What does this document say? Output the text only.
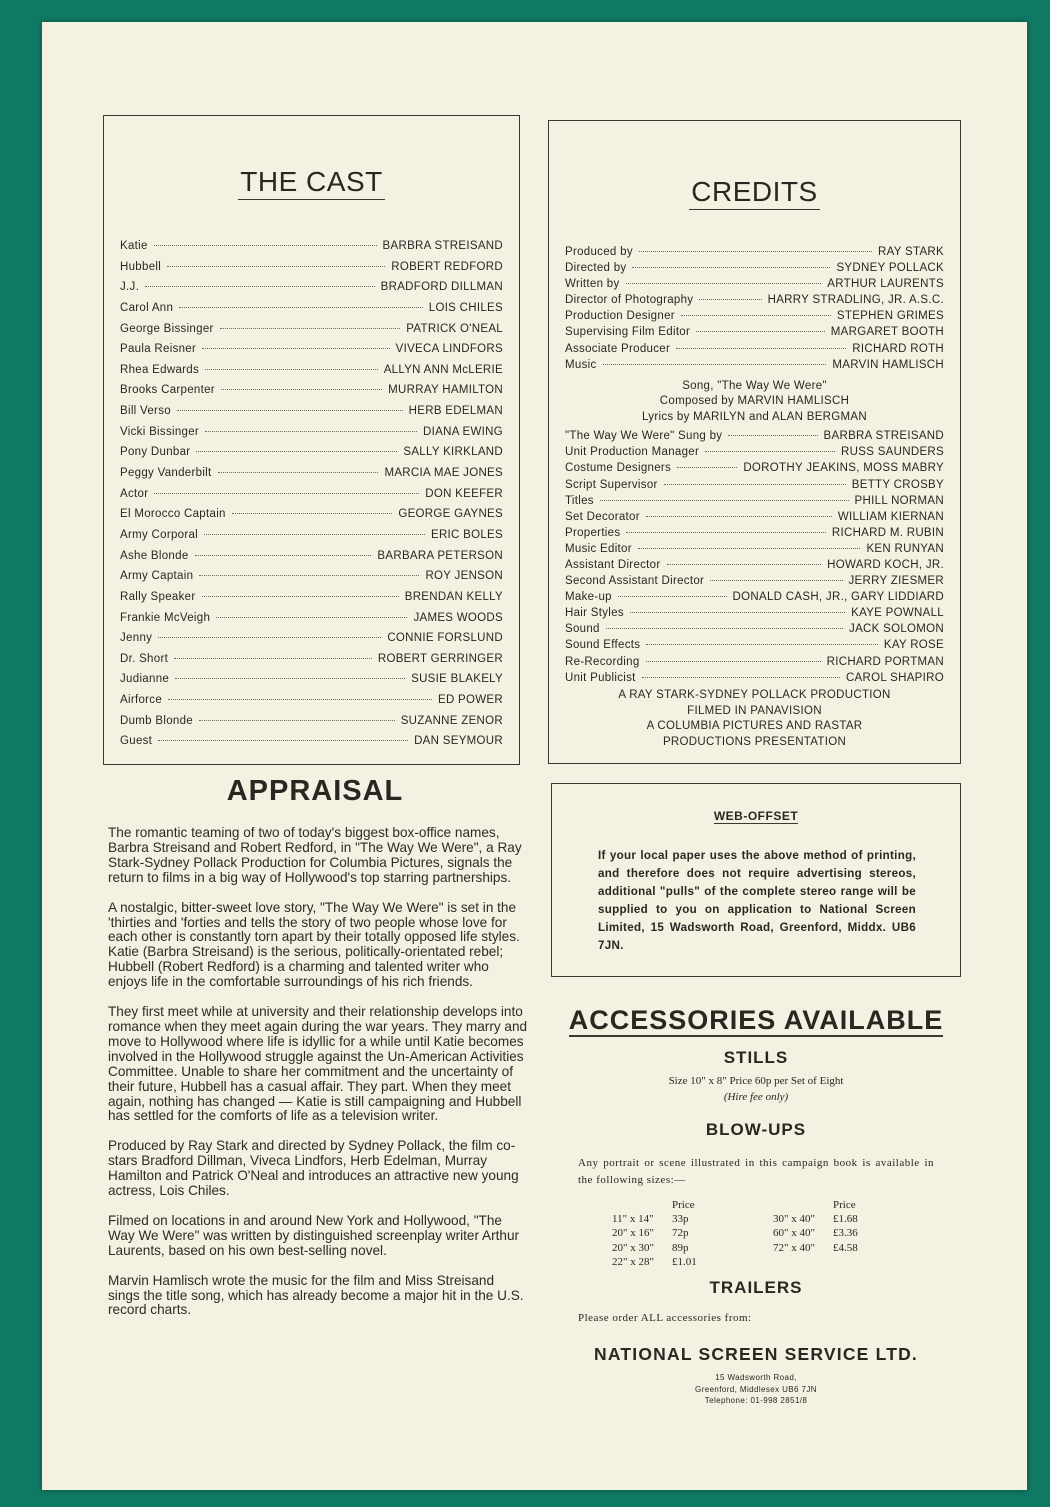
THE CAST
Katie	BARBRA STREISAND
Hubbell	ROBERT REDFORD
J.J.	BRADFORD DILLMAN
Carol Ann	LOIS CHILES
George Bissinger	PATRICK O'NEAL
Paula Reisner	VIVECA LINDFORS
Rhea Edwards	ALLYN ANN McLERIE
Brooks Carpenter	MURRAY HAMILTON
Bill Verso	HERB EDELMAN
Vicki Bissinger	DIANA EWING
Pony Dunbar	SALLY KIRKLAND
Peggy Vanderbilt	MARCIA MAE JONES
Actor	DON KEEFER
El Morocco Captain	GEORGE GAYNES
Army Corporal	ERIC BOLES
Ashe Blonde	BARBARA PETERSON
Army Captain	ROY JENSON
Rally Speaker	BRENDAN KELLY
Frankie McVeigh	JAMES WOODS
Jenny	CONNIE FORSLUND
Dr. Short	ROBERT GERRINGER
Judianne	SUSIE BLAKELY
Airforce	ED POWER
Dumb Blonde	SUZANNE ZENOR
Guest	DAN SEYMOUR
CREDITS
Produced by	RAY STARK
Directed by	SYDNEY POLLACK
Written by	ARTHUR LAURENTS
Director of Photography	HARRY STRADLING, JR. A.S.C.
Production Designer	STEPHEN GRIMES
Supervising Film Editor	MARGARET BOOTH
Associate Producer	RICHARD ROTH
Music	MARVIN HAMLISCH
Song, "The Way We Were"
Composed by MARVIN HAMLISCH
Lyrics by MARILYN and ALAN BERGMAN
"The Way We Were" Sung by	BARBRA STREISAND
Unit Production Manager	RUSS SAUNDERS
Costume Designers	DOROTHY JEAKINS, MOSS MABRY
Script Supervisor	BETTY CROSBY
Titles	PHILL NORMAN
Set Decorator	WILLIAM KIERNAN
Properties	RICHARD M. RUBIN
Music Editor	KEN RUNYAN
Assistant Director	HOWARD KOCH, JR.
Second Assistant Director	JERRY ZIESMER
Make-up	DONALD CASH, JR., GARY LIDDIARD
Hair Styles	KAYE POWNALL
Sound	JACK SOLOMON
Sound Effects	KAY ROSE
Re-Recording	RICHARD PORTMAN
Unit Publicist	CAROL SHAPIRO
A RAY STARK-SYDNEY POLLACK PRODUCTION
FILMED IN PANAVISION
A COLUMBIA PICTURES AND RASTAR
PRODUCTIONS PRESENTATION
APPRAISAL

The romantic teaming of two of today's biggest box-office names, Barbra Streisand and Robert Redford, in "The Way We Were", a Ray Stark-Sydney Pollack Production for Columbia Pictures, signals the return to films in a big way of Hollywood's top starring partnerships.

A nostalgic, bitter-sweet love story, "The Way We Were" is set in the 'thirties and 'forties and tells the story of two people whose love for each other is constantly torn apart by their totally opposed life styles. Katie (Barbra Streisand) is the serious, politically-orientated rebel; Hubbell (Robert Redford) is a charming and talented writer who enjoys life in the comfortable surroundings of his rich friends.

They first meet while at university and their relationship develops into romance when they meet again during the war years. They marry and move to Hollywood where life is idyllic for a while until Katie becomes involved in the Hollywood struggle against the Un-American Activities Committee. Unable to share her commitment and the uncertainty of their future, Hubbell has a casual affair. They part. When they meet again, nothing has changed — Katie is still campaigning and Hubbell has settled for the comforts of life as a television writer.

Produced by Ray Stark and directed by Sydney Pollack, the film co-stars Bradford Dillman, Viveca Lindfors, Herb Edelman, Murray Hamilton and Patrick O'Neal and introduces an attractive new young actress, Lois Chiles.

Filmed on locations in and around New York and Hollywood, "The Way We Were" was written by distinguished screenplay writer Arthur Laurents, based on his own best-selling novel.

Marvin Hamlisch wrote the music for the film and Miss Streisand sings the title song, which has already become a major hit in the U.S. record charts.

WEB-OFFSET
If your local paper uses the above method of printing, and therefore does not require advertising stereos, additional "pulls" of the complete stereo range will be supplied to you on application to National Screen Limited, 15 Wadsworth Road, Greenford, Middx. UB6 7JN.
ACCESSORIES AVAILABLE
STILLS
Size 10" x 8" Price 60p per Set of Eight
(Hire fee only)
BLOW-UPS
Any portrait or scene illustrated in this campaign book is available in the following sizes:—
	Price
11" x 14"	33p
20" x 16"	72p
20" x 30"	89p
22" x 28"	£1.01
	Price
30" x 40"	£1.68
60" x 40"	£3.36
72" x 40"	£4.58
TRAILERS
Please order ALL accessories from:
NATIONAL SCREEN SERVICE LTD.
15 Wadsworth Road,
Greenford, Middlesex UB6 7JN
Telephone: 01-998 2851/8
